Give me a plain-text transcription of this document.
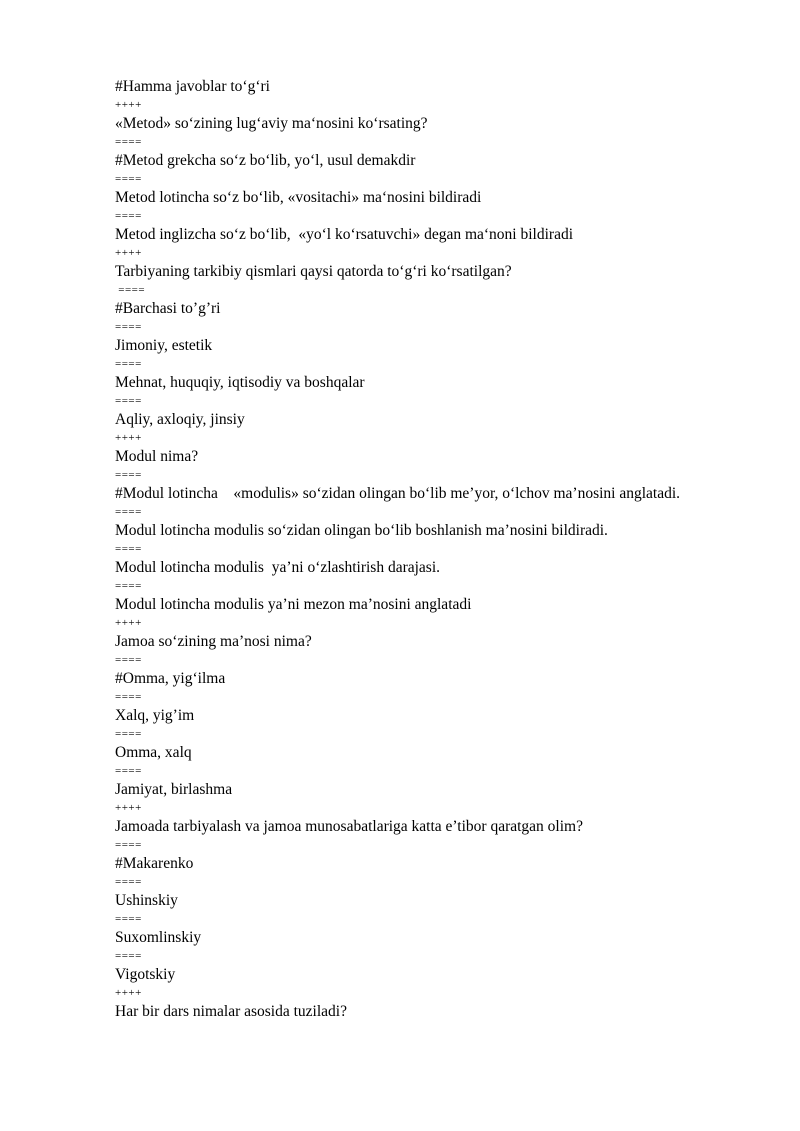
#Hamma javoblar to‘g‘ri
++++
«Metod» so‘zining lug‘aviy ma‘nosini ko‘rsating?
====
#Metod grekcha so‘z bo‘lib, yo‘l, usul demakdir
====
Metod lotincha so‘z bo‘lib, «vositachi» ma‘nosini bildiradi
====
Metod inglizcha so‘z bo‘lib,  «yo‘l ko‘rsatuvchi» degan ma‘noni bildiradi
++++
Tarbiyaning tarkibiy qismlari qaysi qatorda to‘g‘ri ko‘rsatilgan?
====
#Barchasi to’g’ri
====
Jimoniy, estetik
====
Mehnat, huquqiy, iqtisodiy va boshqalar
====
Aqliy, axloqiy, jinsiy
++++
Modul nima?
====
#Modul lotincha    «modulis» so‘zidan olingan bo‘lib me’yor, o‘lchov ma’nosini anglatadi.
====
Modul lotincha modulis so‘zidan olingan bo‘lib boshlanish ma’nosini bildiradi.
====
Modul lotincha modulis  ya’ni o‘zlashtirish darajasi.
====
Modul lotincha modulis ya’ni mezon ma’nosini anglatadi
++++
Jamoa so‘zining ma’nosi nima?
====
#Omma, yig‘ilma
====
Xalq, yig’im
====
Omma, xalq
====
Jamiyat, birlashma
++++
Jamoada tarbiyalash va jamoa munosabatlariga katta e’tibor qaratgan olim?
====
#Makarenko
====
Ushinskiy
====
Suxomlinskiy
====
Vigotskiy
++++
Har bir dars nimalar asosida tuziladi?
